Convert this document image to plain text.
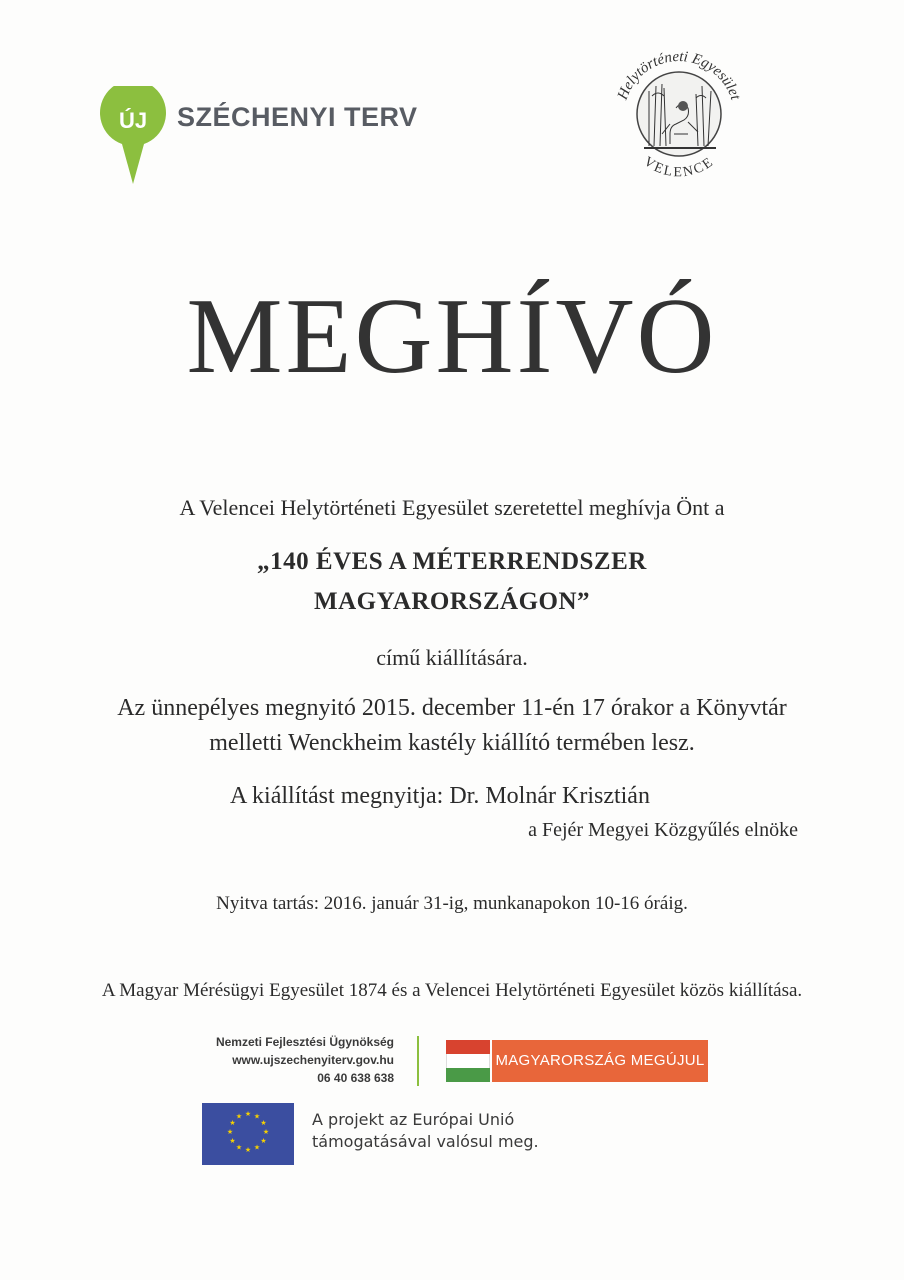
ÚJ SZÉCHENYI TERV
Helytörténeti Egyesület
VELENCE
MEGHÍVÓ
A Velencei Helytörténeti Egyesület szeretettel meghívja Önt a
„140 ÉVES A MÉTERRENDSZER
MAGYARORSZÁGON”
című kiállítására.
Az ünnepélyes megnyitó 2015. december 11-én 17 órakor a Könyvtár
melletti Wenckheim kastély kiállító termében lesz.
A kiállítást megnyitja: Dr. Molnár Krisztián
a Fejér Megyei Közgyűlés elnöke
Nyitva tartás: 2016. január 31-ig, munkanapokon 10-16 óráig.
A Magyar Mérésügyi Egyesület 1874 és a Velencei Helytörténeti Egyesület közös kiállítása.
Nemzeti Fejlesztési Ügynökség
www.ujszechenyiterv.gov.hu
06 40 638 638
MAGYARORSZÁG MEGÚJUL
★ ★
★
★
★
★
★
★
★
★
★
★	A projekt az Európai Unió
támogatásával valósul meg.
